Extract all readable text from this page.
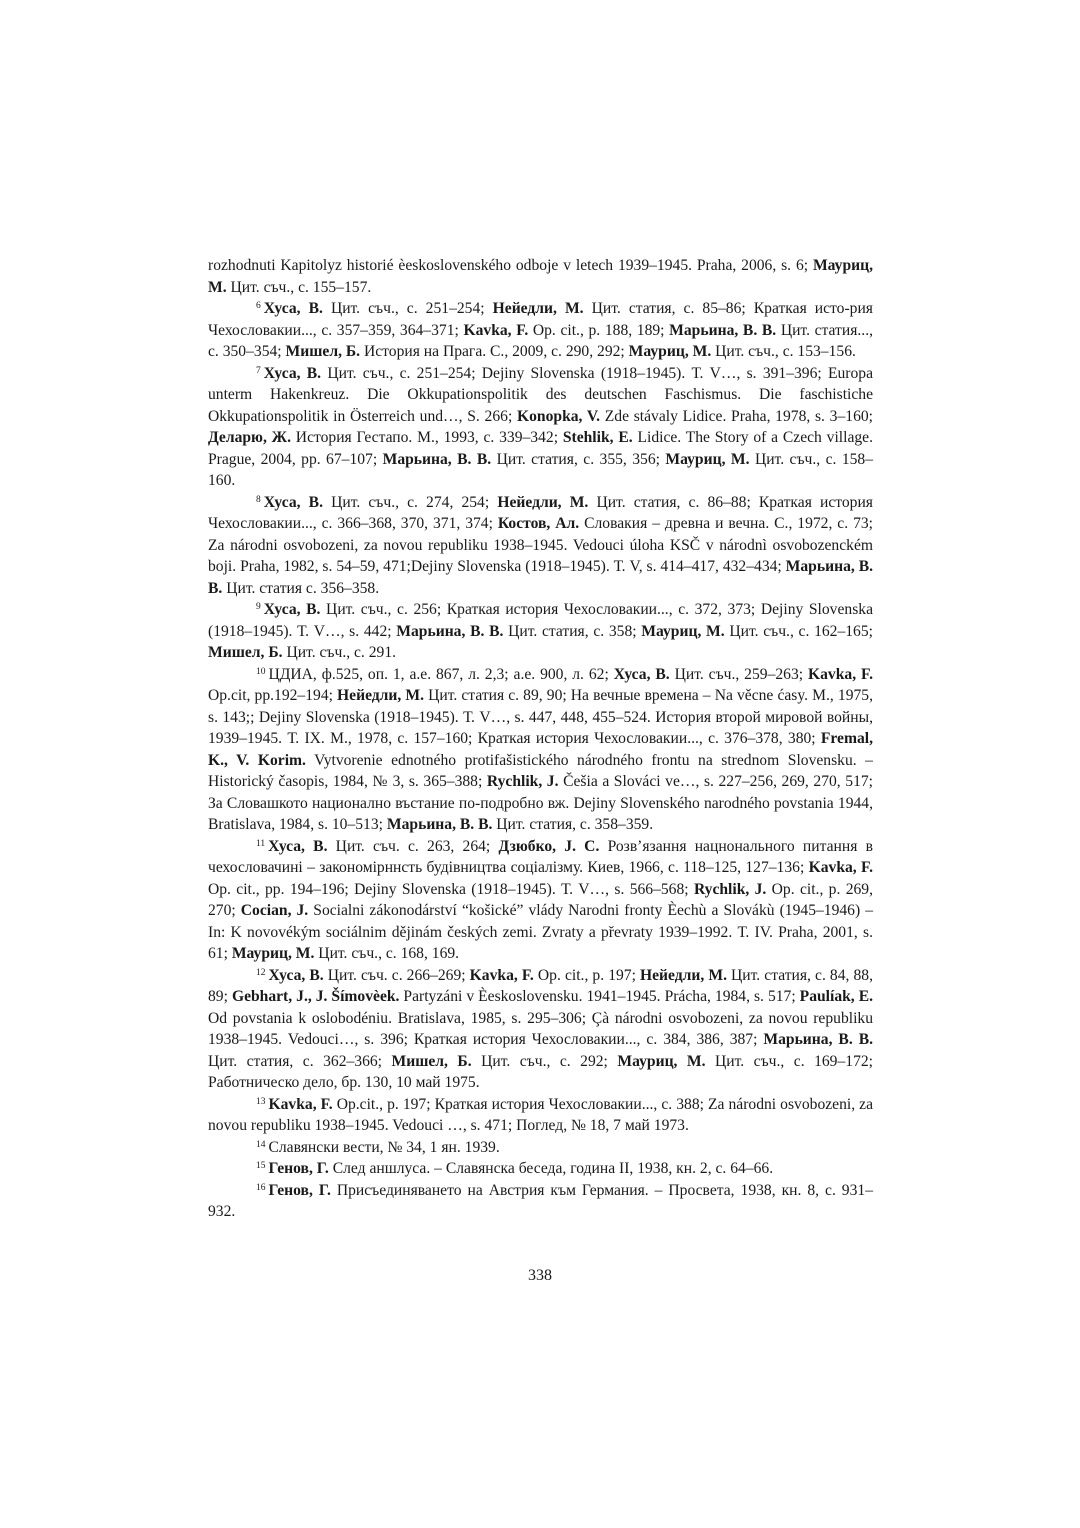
rozhodnuti Kapitolyz historié èeskoslovenského odboje v letech 1939–1945. Praha, 2006, s. 6; Мауриц, М. Цит. съч., с. 155–157.

$^6$ Хуса, В. Цит. съч., с. 251–254; Нейедли, М. Цит. статия, с. 85–86; Краткая исто-рия Чехословакии..., с. 357–359, 364–371; Kavka, F. Op. cit., p. 188, 189; Марьина, В. В. Цит. статия..., с. 350–354; Мишел, Б. История на Прага. С., 2009, с. 290, 292; Мауриц, М. Цит. съч., с. 153–156.

$^7$ Хуса, В. Цит. съч., с. 251–254; Dejiny Slovenska (1918–1945). Т. V…, s. 391–396; Europa unterm Hakenkreuz. Die Okkupationspolitik des deutschen Faschismus. Die faschistiche Okkupationspolitik in Österreich und…, S. 266; Konopka, V. Zde stávaly Lidice. Praha, 1978, s. 3–160; Деларю, Ж. История Гестапо. М., 1993, с. 339–342; Stehlik, E. Lidice. The Story of a Czech village. Prague, 2004, pp. 67–107; Марьина, В. В. Цит. статия, с. 355, 356; Мауриц, М. Цит. съч., с. 158–160.

$^8$ Хуса, В. Цит. съч., с. 274, 254; Нейедли, М. Цит. статия, с. 86–88; Краткая история Чехословакии..., с. 366–368, 370, 371, 374; Костов, Ал. Словакия – древна и вечна. С., 1972, с. 73; Za národni osvobozeni, za novou republiku 1938–1945. Vedouci úloha KSČ v národnì osvobozenckém boji. Praha, 1982, s. 54–59, 471;Dejiny Slovenska (1918–1945). Т. V, s. 414–417, 432–434; Марьина, В. В. Цит. статия с. 356–358.

$^9$ Хуса, В. Цит. съч., с. 256; Краткая история Чехословакии..., с. 372, 373; Dejiny Slovenska (1918–1945). Т. V…, s. 442; Марьина, В. В. Цит. статия, с. 358; Мауриц, М. Цит. съч., с. 162–165; Мишел, Б. Цит. съч., с. 291.

$^{10}$ ЦДИА, ф.525, оп. 1, а.е. 867, л. 2,3; а.е. 900, л. 62; Хуса, В. Цит. съч., 259–263; Kavka, F. Op.cit, pp.192–194; Нейедли, М. Цит. статия с. 89, 90; На вечные времена – Na věcne ćasy. М., 1975, s. 143;; Dejiny Slovenska (1918–1945). Т. V…, s. 447, 448, 455–524. История второй мировой войны, 1939–1945. Т. IX. М., 1978, с. 157–160; Краткая история Чехословакии..., с. 376–378, 380; Fremal, K., V. Korim. Vytvorenie ednotného protifašistického národného frontu na stredn᧐m Slovensku. – Historický časopis, 1984, № 3, s. 365–388; Rychlik, J. Češia a Slováci ve…, s. 227–256, 269, 270, 517; За Словашкото национално въстание по-подробно вж. Dejiny Slovenského narodného povstania 1944, Bratislava, 1984, s. 10–513; Марьина, В. В. Цит. статия, с. 358–359.

$^{11}$ Хуса, В. Цит. съч. с. 263, 264; Дзюбко, J. C. Розв’язання нацнонального питання в чехословачині – закономірннсть будівництва соціалізму. Киев, 1966, с. 118–125, 127–136; Kavka, F. Op. cit., pp. 194–196; Dejiny Slovenska (1918–1945). Т. V…, s. 566–568; Rychlik, J. Op. cit., p. 269, 270; Cocian, J. Socialni zákonodárství “košické” vlády Narodni fronty Èechù a Slovákù (1945–1946) – In: K novovékým sociálnim dějinám českých zemi. Zvraty a převraty 1939–1992. Т. IV. Praha, 2001, s. 61; Мауриц, М. Цит. съч., с. 168, 169.

$^{12}$ Хуса, В. Цит. съч. с. 266–269; Kavka, F. Op. cit., p. 197; Нейедли, М. Цит. статия, с. 84, 88, 89; Gebhart, J., J. Šímovèek. Partyzáni v Èeskoslovensku. 1941–1945. Prácha, 1984, s. 517; Paulíak, E. Od povstania k oslobodéniu. Bratislava, 1985, s. 295–306; Çà národni osvobozeni, za novou republiku 1938–1945. Vedouci…, s. 396; Краткая история Чехословакии..., с. 384, 386, 387; Марьина, В. В. Цит. статия, с. 362–366; Мишел, Б. Цит. съч., с. 292; Мауриц, М. Цит. съч., с. 169–172; Работническо дело, бр. 130, 10 май 1975.

$^{13}$ Kavka, F. Op.cit., p. 197; Краткая история Чехословакии..., с. 388; Za národni osvobozeni, za novou republiku 1938–1945. Vedouci …, s. 471; Поглед, № 18, 7 май 1973.

$^{14}$ Славянски вести, № 34, 1 ян. 1939.

$^{15}$ Генов, Г. След аншлуса. – Славянска беседа, година II, 1938, кн. 2, с. 64–66.

$^{16}$ Генов, Г. Присъединяването на Австрия към Германия. – Просвета, 1938, кн. 8, с. 931–932.

338
